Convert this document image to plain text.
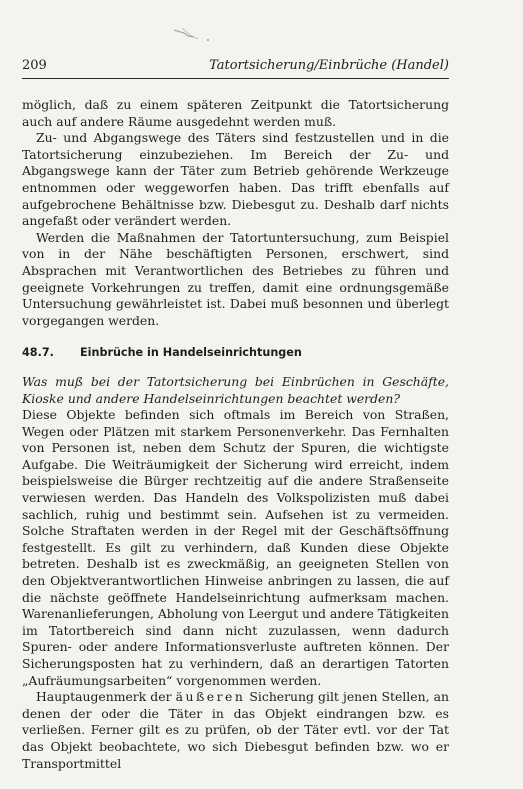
209	Tatortsicherung/Einbrüche (Handel)

möglich, daß zu einem späteren Zeitpunkt die Tatortsicherung auch auf andere Räume ausgedehnt werden muß.

Zu- und Abgangswege des Täters sind festzustellen und in die Tatortsicherung einzubeziehen. Im Bereich der Zu- und Abgangswege kann der Täter zum Betrieb gehörende Werkzeuge entnommen oder weggeworfen haben. Das trifft ebenfalls auf aufgebrochene Behältnisse bzw. Diebesgut zu. Deshalb darf nichts angefaßt oder verändert werden.

Werden die Maßnahmen der Tatortuntersuchung, zum Beispiel von in der Nähe beschäftigten Personen, erschwert, sind Absprachen mit Verantwortlichen des Betriebes zu führen und geeignete Vorkehrungen zu treffen, damit eine ordnungsgemäße Untersuchung gewährleistet ist. Dabei muß besonnen und überlegt vorgegangen werden.

48.7. Einbrüche in Handelseinrichtungen

Was muß bei der Tatortsicherung bei Einbrüchen in Geschäfte, Kioske und andere Handelseinrichtungen beachtet werden?

Diese Objekte befinden sich oftmals im Bereich von Straßen, Wegen oder Plätzen mit starkem Personenverkehr. Das Fernhalten von Personen ist, neben dem Schutz der Spuren, die wichtigste Aufgabe. Die Weiträumigkeit der Sicherung wird erreicht, indem beispielsweise die Bürger rechtzeitig auf die andere Straßenseite verwiesen werden. Das Handeln des Volkspolizisten muß dabei sachlich, ruhig und bestimmt sein. Aufsehen ist zu vermeiden. Solche Straftaten werden in der Regel mit der Geschäftsöffnung festgestellt. Es gilt zu verhindern, daß Kunden diese Objekte betreten. Deshalb ist es zweckmäßig, an geeigneten Stellen von den Objektverantwortlichen Hinweise anbringen zu lassen, die auf die nächste geöffnete Handelseinrichtung aufmerksam machen. Warenanlieferungen, Abholung von Leergut und andere Tätigkeiten im Tatortbereich sind dann nicht zuzulassen, wenn dadurch Spuren- oder andere Informationsverluste auftreten können. Der Sicherungsposten hat zu verhindern, daß an derartigen Tatorten „Aufräumungsarbeiten“ vorgenommen werden.

Hauptaugenmerk der äußeren Sicherung gilt jenen Stellen, an denen der oder die Täter in das Objekt eindrangen bzw. es verließen. Ferner gilt es zu prüfen, ob der Täter evtl. vor der Tat das Objekt beobachtete, wo sich Diebesgut befinden bzw. wo er Transportmittel
